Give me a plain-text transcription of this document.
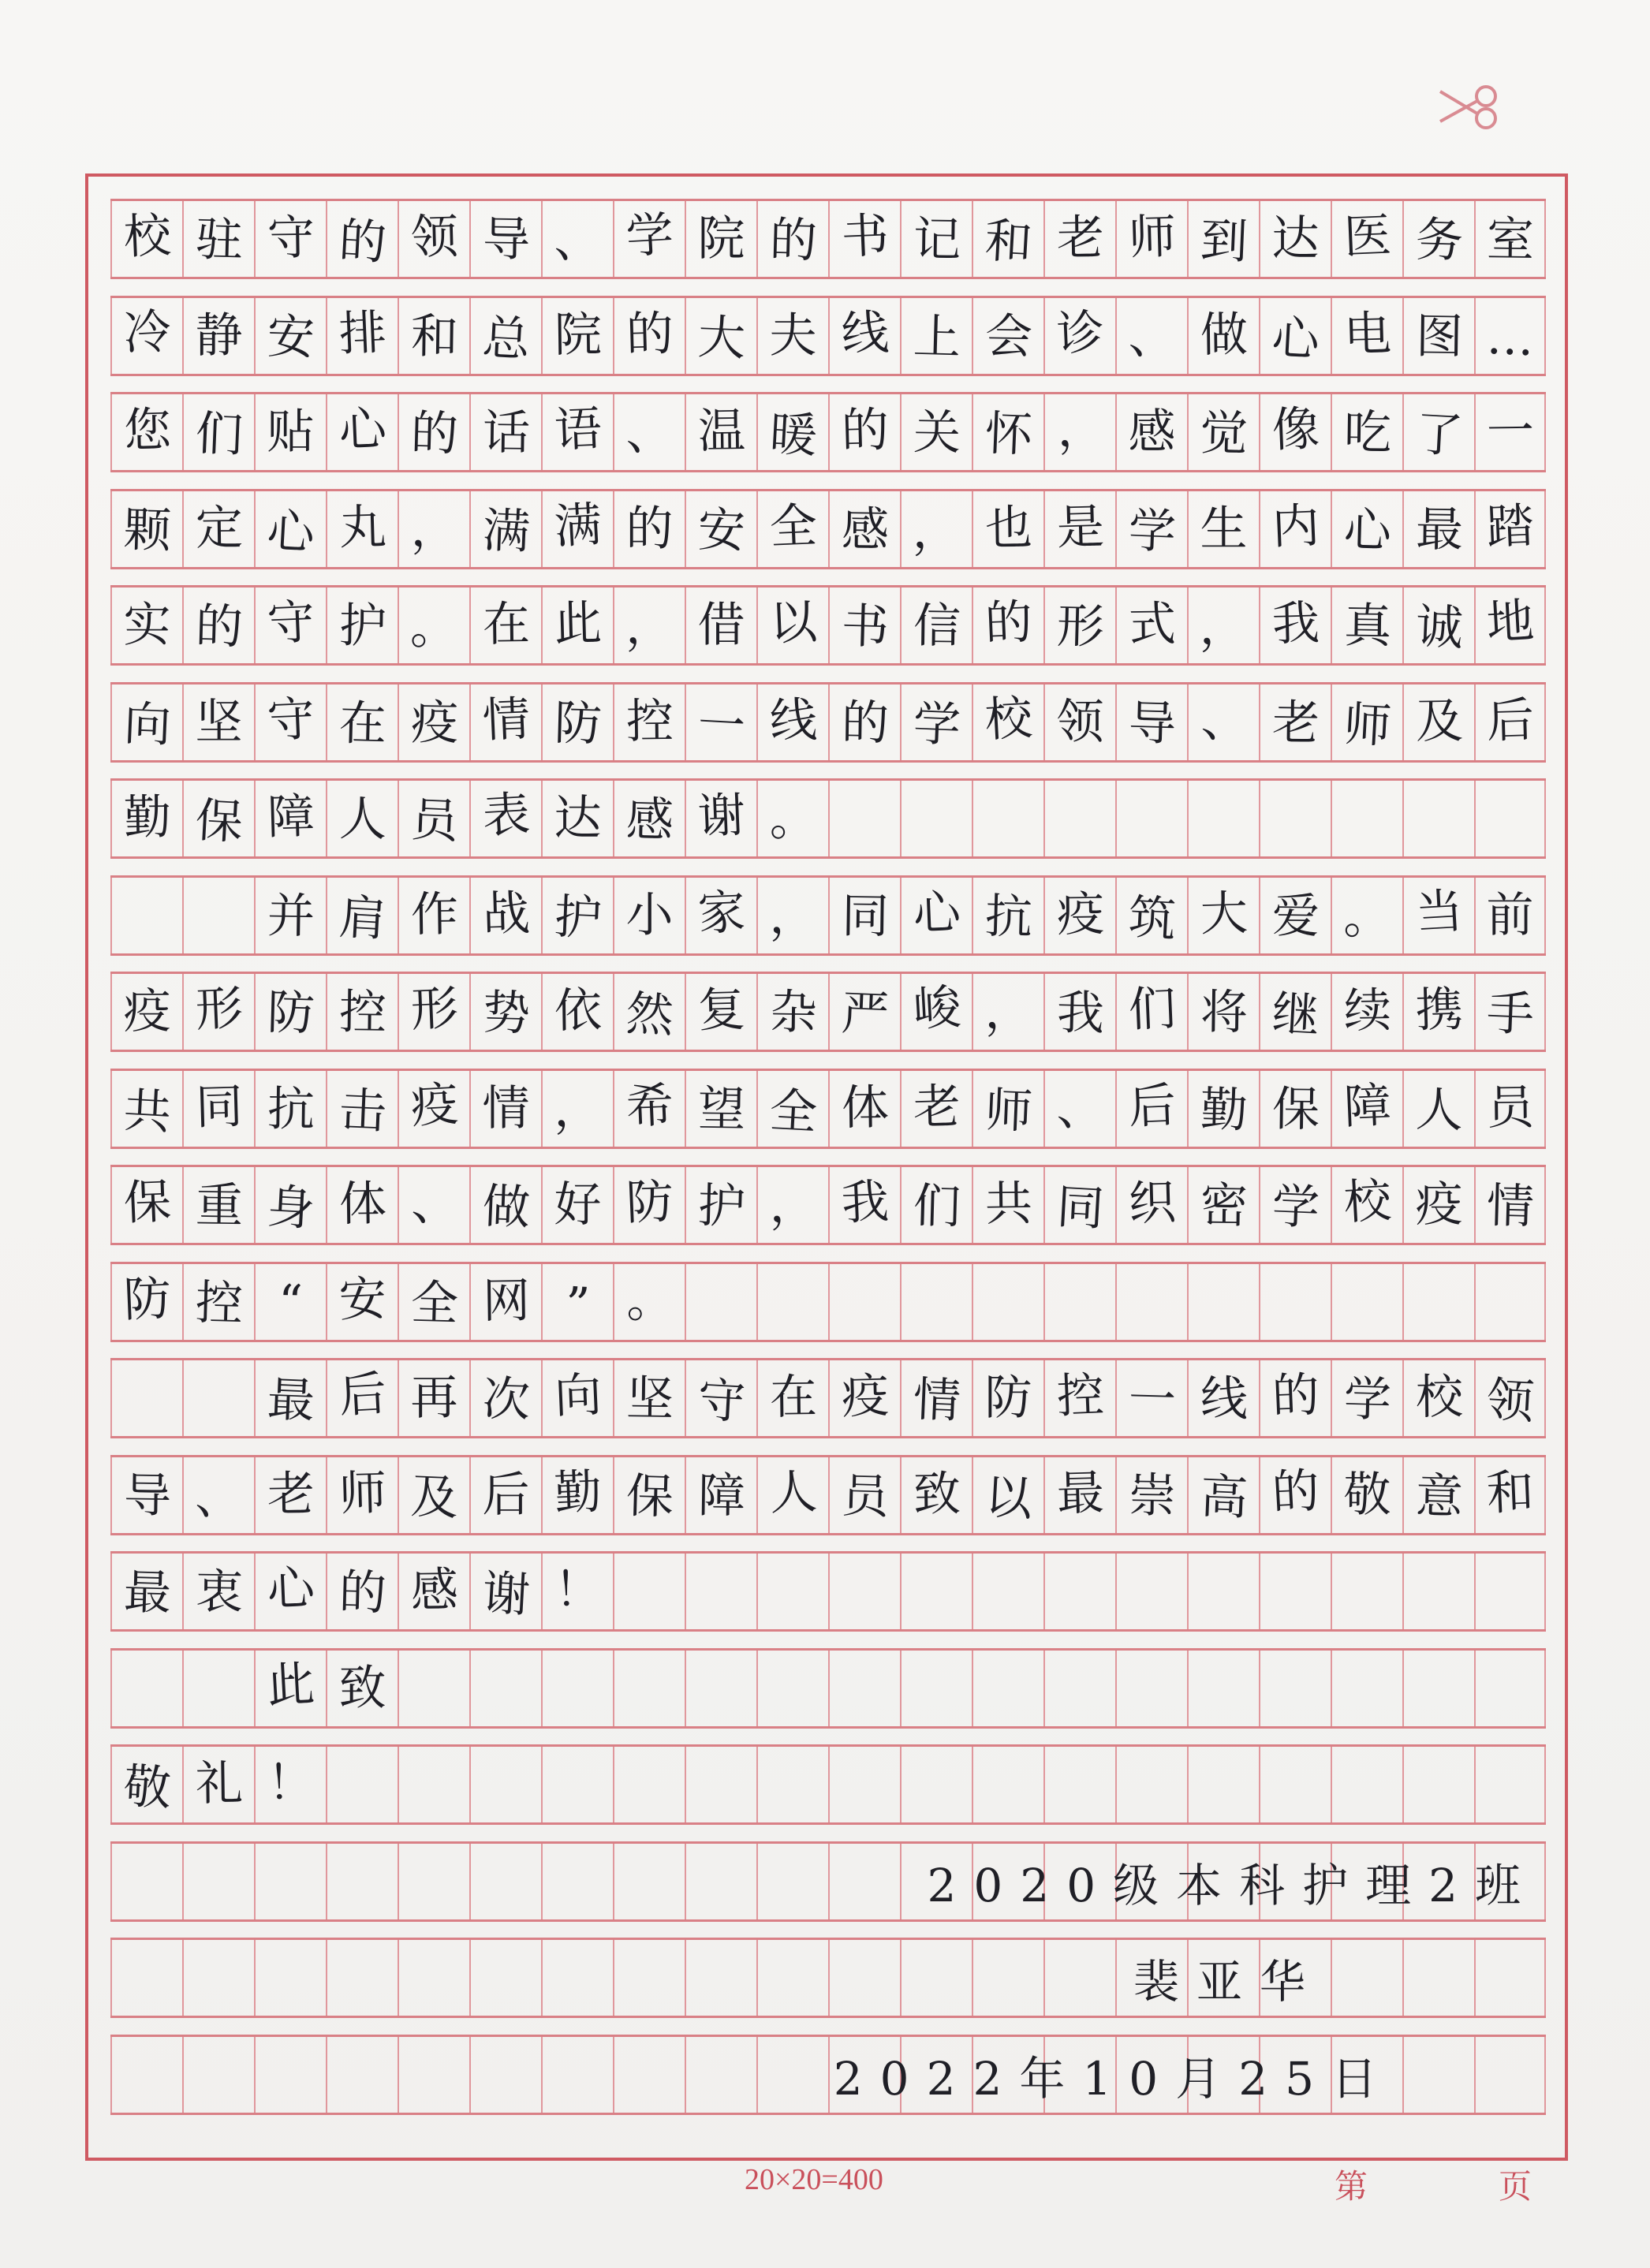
校 驻 守 的 领 导 、 学 院 的 书 记 和 老 师 到 达 医 务 室
冷 静 安 排 和 总 院 的 大 夫 线 上 会 诊 、 做 心 电 图 …
您 们 贴 心 的 话 语 、 温 暖 的 关 怀 ， 感 觉 像 吃 了 一
颗 定 心 丸 ， 满 满 的 安 全 感 ， 也 是 学 生 内 心 最 踏
实 的 守 护 。 在 此 ， 借 以 书 信 的 形 式 ， 我 真 诚 地
向 坚 守 在 疫 情 防 控 一 线 的 学 校 领 导 、 老 师 及 后
勤 保 障 人 员 表 达 感 谢 。
并 肩 作 战 护 小 家 ， 同 心 抗 疫 筑 大 爱 。 当 前
疫 形 防 控 形 势 依 然 复 杂 严 峻 ， 我 们 将 继 续 携 手
共 同 抗 击 疫 情 ， 希 望 全 体 老 师 、 后 勤 保 障 人 员
保 重 身 体 、 做 好 防 护 ， 我 们 共 同 织 密 学 校 疫 情
防 控 “ 安 全 网 ” 。
最 后 再 次 向 坚 守 在 疫 情 防 控 一 线 的 学 校 领
导 、 老 师 及 后 勤 保 障 人 员 致 以 最 崇 高 的 敬 意 和
最 衷 心 的 感 谢 ！
此 致
敬 礼 ！
2020级本科护理2班
裴亚华
2022年10月25日
20×20=400	第	页
